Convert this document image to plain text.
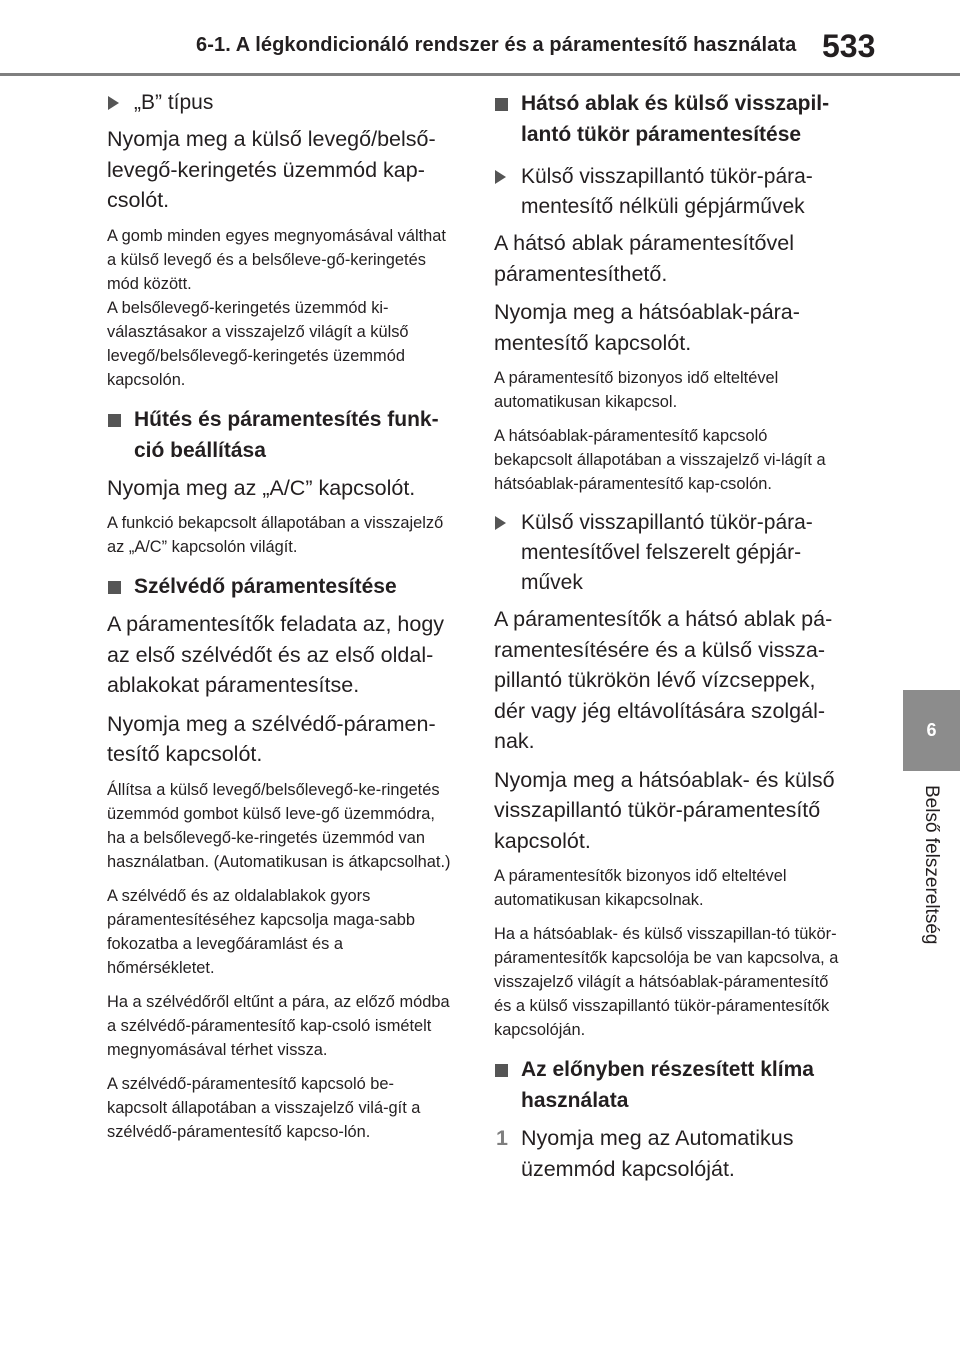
6-1. A légkondicionáló rendszer és a páramentesítő használata 533
6
Belső felszereltség
„B” típus

Nyomja meg a külső levegő/belső-levegő-keringetés üzemmód kap-csolót.

A gomb minden egyes megnyomásával válthat a külső levegő és a belsőleve-gő-keringetés mód között.

A belsőlevegő-keringetés üzemmód ki-választásakor a visszajelző világít a külső levegő/belsőlevegő-keringetés üzemmód kapcsolón.

Hűtés és páramentesítés funk-ció beállítása

Nyomja meg az „A/C” kapcsolót.

A funkció bekapcsolt állapotában a visszajelző az „A/C” kapcsolón világít.

Szélvédő páramentesítése

A páramentesítők feladata az, hogy az első szélvédőt és az első oldal-ablakokat páramentesítse.

Nyomja meg a szélvédő-páramen-tesítő kapcsolót.

Állítsa a külső levegő/belsőlevegő-ke-ringetés üzemmód gombot külső leve-gő üzemmódra, ha a belsőlevegő-ke-ringetés üzemmód van használatban. (Automatikusan is átkapcsolhat.)

A szélvédő és az oldalablakok gyors páramentesítéséhez kapcsolja maga-sabb fokozatba a levegőáramlást és a hőmérsékletet.

Ha a szélvédőről eltűnt a pára, az előző módba a szélvédő-páramentesítő kap-csoló ismételt megnyomásával térhet vissza.

A szélvédő-páramentesítő kapcsoló be-kapcsolt állapotában a visszajelző vilá-gít a szélvédő-páramentesítő kapcso-lón.

Hátsó ablak és külső visszapil-lantó tükör páramentesítése
Külső visszapillantó tükör-pára-mentesítő nélküli gépjárművek

A hátsó ablak páramentesítővel páramentesíthető.

Nyomja meg a hátsóablak-pára-mentesítő kapcsolót.

A páramentesítő bizonyos idő elteltével automatikusan kikapcsol.

A hátsóablak-páramentesítő kapcsoló bekapcsolt állapotában a visszajelző vi-lágít a hátsóablak-páramentesítő kap-csolón.

Külső visszapillantó tükör-pára-mentesítővel felszerelt gépjár-művek

A páramentesítők a hátsó ablak pá-ramentesítésére és a külső vissza-pillantó tükrökön lévő vízcseppek, dér vagy jég eltávolítására szolgál-nak.

Nyomja meg a hátsóablak- és külső visszapillantó tükör-páramentesítő kapcsolót.

A páramentesítők bizonyos idő elteltével automatikusan kikapcsolnak.

Ha a hátsóablak- és külső visszapillan-tó tükör-páramentesítők kapcsolója be van kapcsolva, a visszajelző világít a hátsóablak-páramentesítő és a külső visszapillantó tükör-páramentesítők kapcsolóján.

Az előnyben részesített klíma használata
1 Nyomja meg az Automatikus üzemmód kapcsolóját.
